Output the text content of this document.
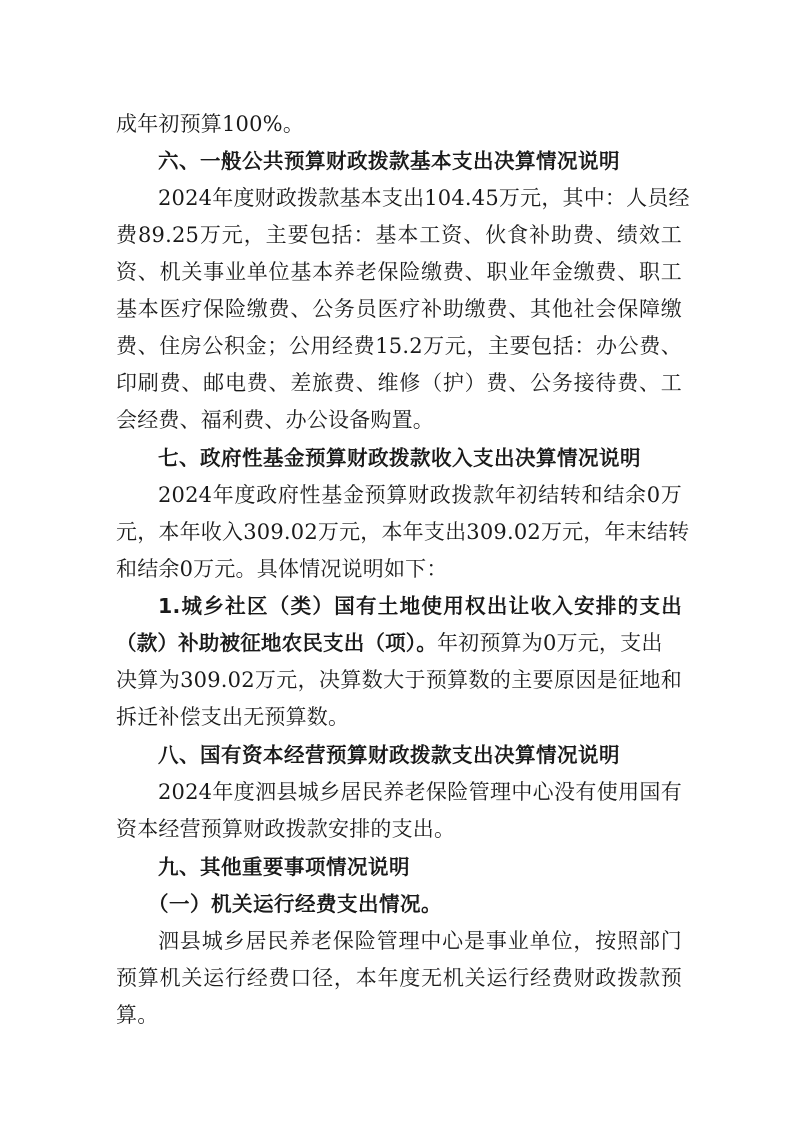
成年初预算100%。
六、一般公共预算财政拨款基本支出决算情况说明
2024年度财政拨款基本支出104.45万元，其中：人员经
费89.25万元，主要包括：基本工资、伙食补助费、绩效工
资、机关事业单位基本养老保险缴费、职业年金缴费、职工
基本医疗保险缴费、公务员医疗补助缴费、其他社会保障缴
费、住房公积金；公用经费15.2万元，主要包括：办公费、
印刷费、邮电费、差旅费、维修（护）费、公务接待费、工
会经费、福利费、办公设备购置。
七、政府性基金预算财政拨款收入支出决算情况说明
2024年度政府性基金预算财政拨款年初结转和结余0万
元，本年收入309.02万元，本年支出309.02万元，年末结转
和结余0万元。具体情况说明如下：
1.城乡社区（类）国有土地使用权出让收入安排的支出
（款）补助被征地农民支出（项）。年初预算为0万元，支出
决算为309.02万元，决算数大于预算数的主要原因是征地和
拆迁补偿支出无预算数。
八、国有资本经营预算财政拨款支出决算情况说明
2024年度泗县城乡居民养老保险管理中心没有使用国有
资本经营预算财政拨款安排的支出。
九、其他重要事项情况说明
（一）机关运行经费支出情况。
泗县城乡居民养老保险管理中心是事业单位，按照部门
预算机关运行经费口径，本年度无机关运行经费财政拨款预
算。
